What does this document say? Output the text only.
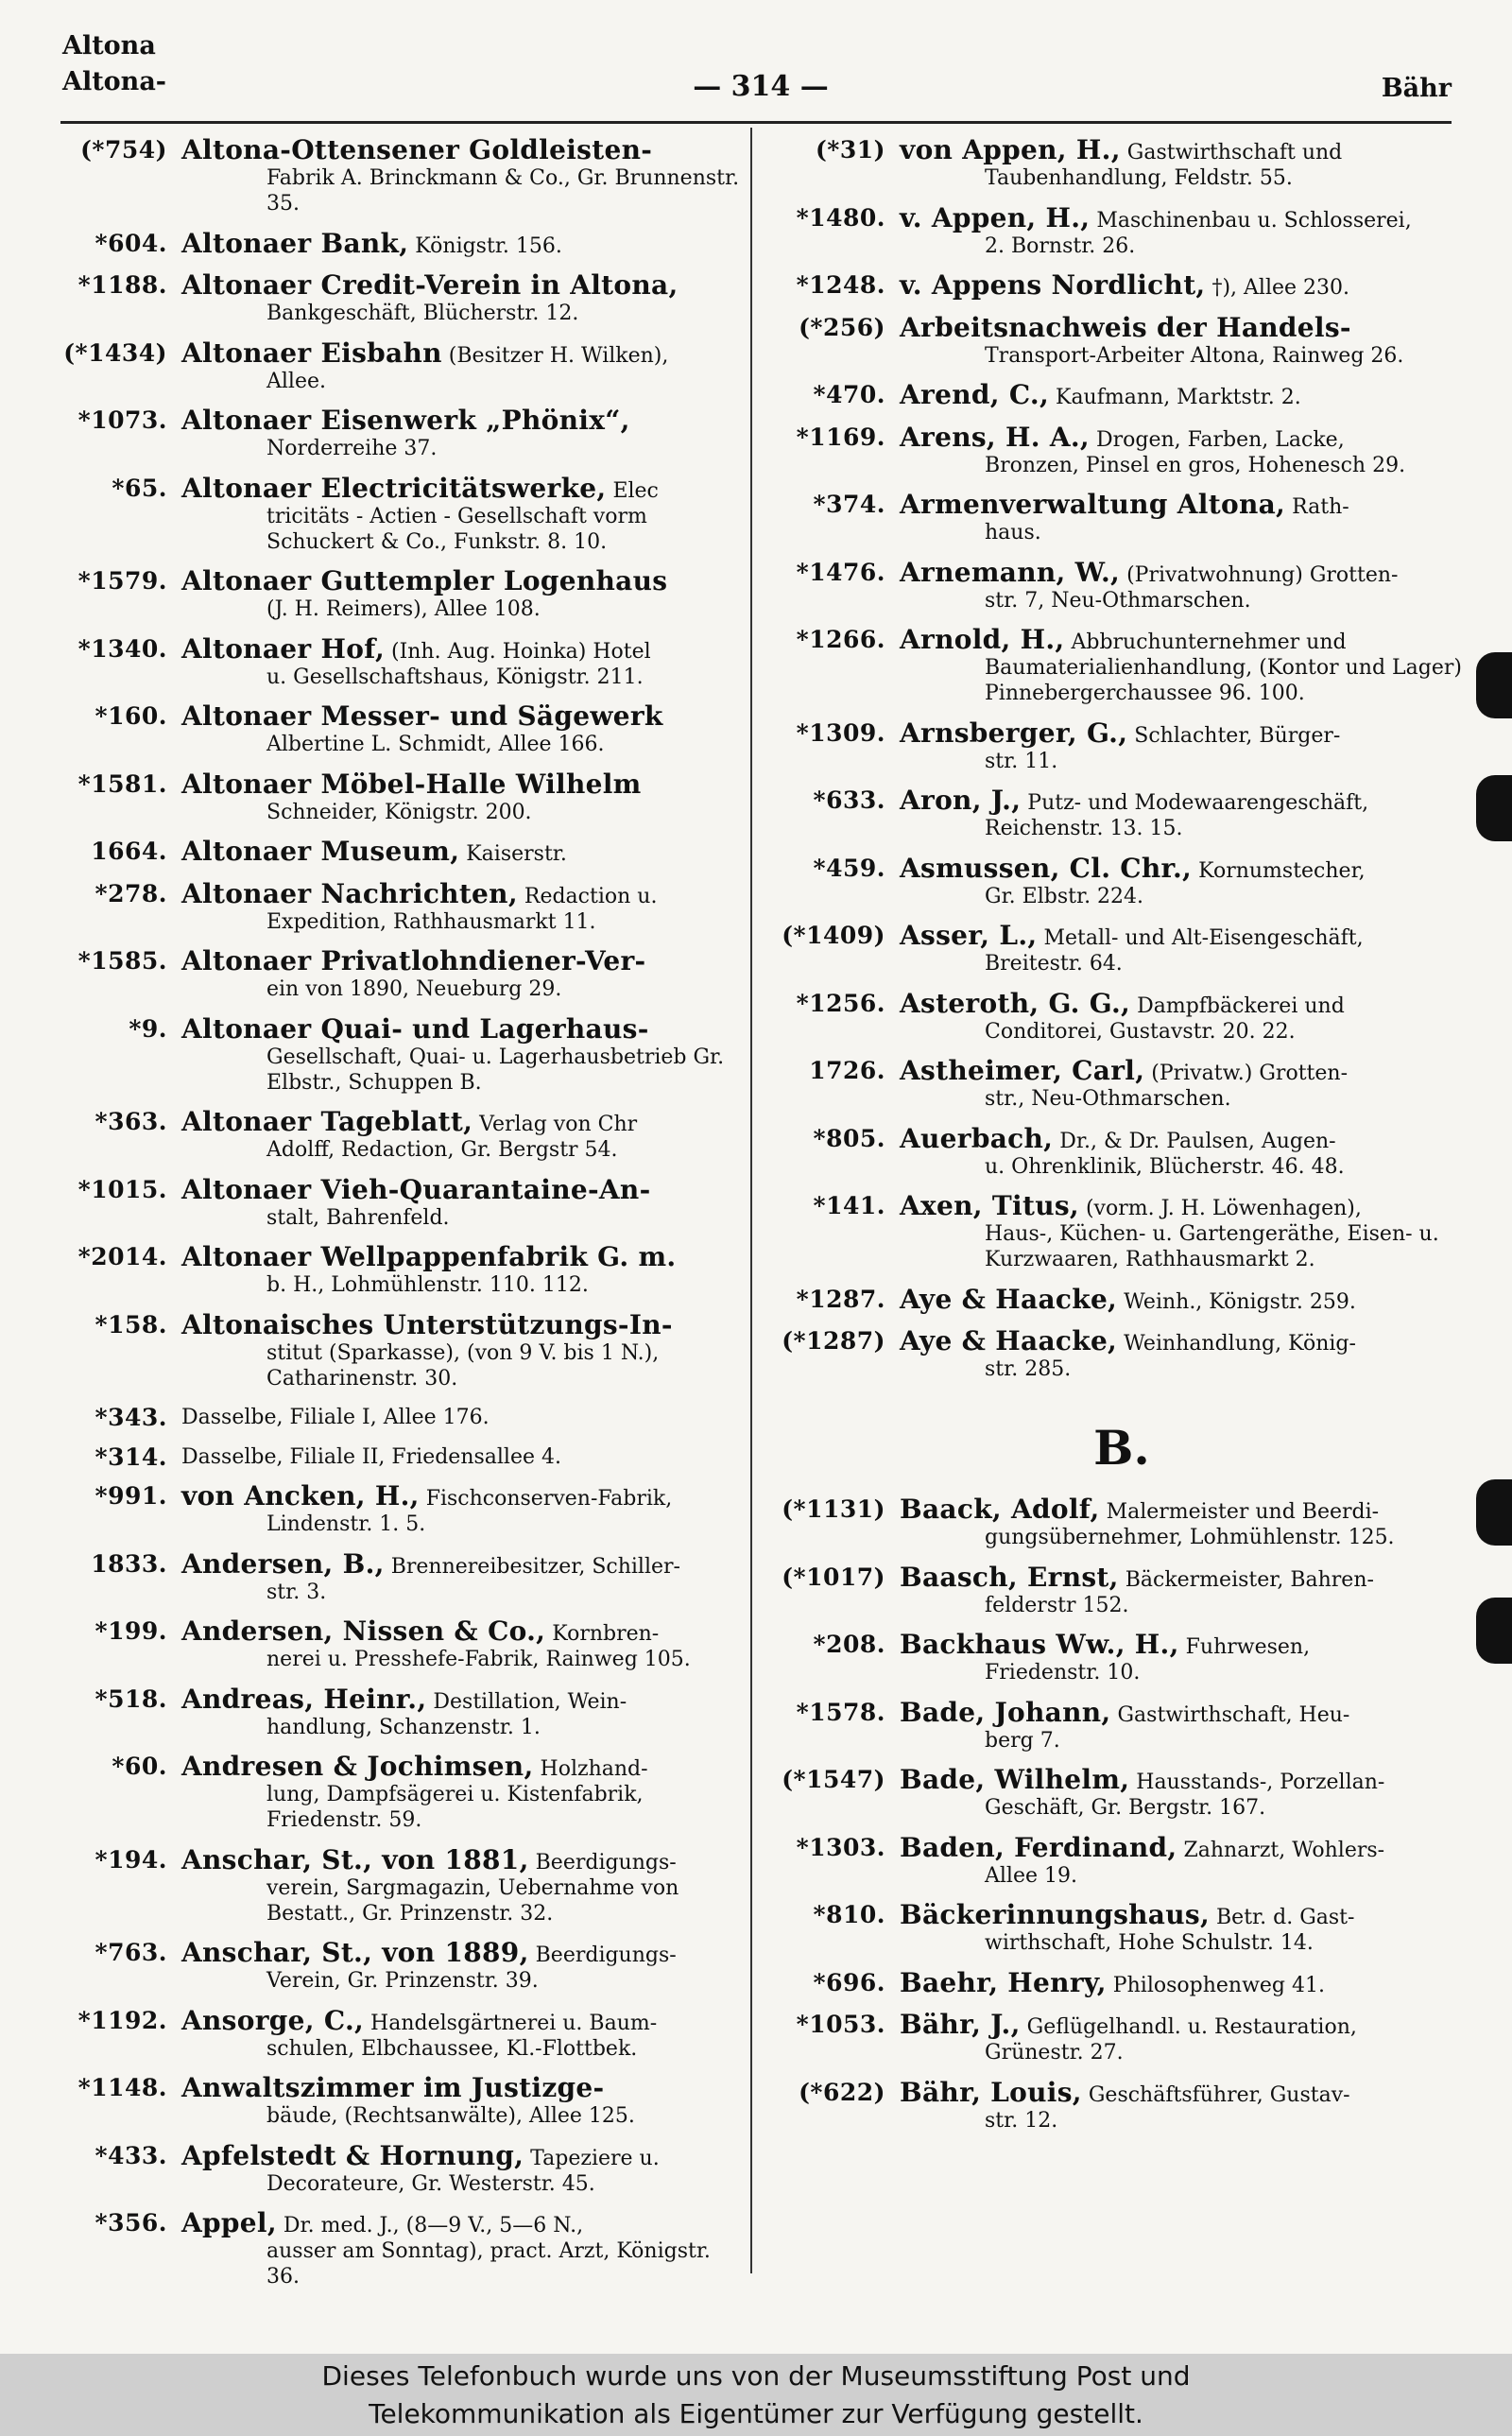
Altona
Altona-	— 314 —	Bähr
(*754) Altona-Ottensener Goldleisten-
Fabrik A. Brinckmann & Co., Gr. Brunnenstr. 35.
*604. Altonaer Bank, Königstr. 156.
*1188. Altonaer Credit-Verein in Altona,
Bankgeschäft, Blücherstr. 12.
(*1434) Altonaer Eisbahn (Besitzer H. Wilken),
Allee.
*1073. Altonaer Eisenwerk „Phönix“,
Norderreihe 37.
*65. Altonaer Electricitätswerke, Elec
tricitäts - Actien - Gesellschaft vorm Schuckert & Co., Funkstr. 8. 10.
*1579. Altonaer Guttempler Logenhaus
(J. H. Reimers), Allee 108.
*1340. Altonaer Hof, (Inh. Aug. Hoinka) Hotel
u. Gesellschaftshaus, Königstr. 211.
*160. Altonaer Messer- und Sägewerk
Albertine L. Schmidt, Allee 166.
*1581. Altonaer Möbel-Halle Wilhelm
Schneider, Königstr. 200.
1664. Altonaer Museum, Kaiserstr.
*278. Altonaer Nachrichten, Redaction u.
Expedition, Rathhausmarkt 11.
*1585. Altonaer Privatlohndiener-Ver-
ein von 1890, Neueburg 29.
*9. Altonaer Quai- und Lagerhaus-
Gesellschaft, Quai- u. Lagerhausbetrieb Gr. Elbstr., Schuppen B.
*363. Altonaer Tageblatt, Verlag von Chr
Adolff, Redaction, Gr. Bergstr 54.
*1015. Altonaer Vieh-Quarantaine-An-
stalt, Bahrenfeld.
*2014. Altonaer Wellpappenfabrik G. m.
b. H., Lohmühlenstr. 110. 112.
*158. Altonaisches Unterstützungs-In-
stitut (Sparkasse), (von 9 V. bis 1 N.), Catharinenstr. 30.
*343. Dasselbe, Filiale I, Allee 176.
*314. Dasselbe, Filiale II, Friedensallee 4.
*991. von Ancken, H., Fischconserven-Fabrik,
Lindenstr. 1. 5.
1833. Andersen, B., Brennereibesitzer, Schiller-
str. 3.
*199. Andersen, Nissen & Co., Kornbren-
nerei u. Presshefe-Fabrik, Rainweg 105.
*518. Andreas, Heinr., Destillation, Wein-
handlung, Schanzenstr. 1.
*60. Andresen & Jochimsen, Holzhand-
lung, Dampfsägerei u. Kistenfabrik, Friedenstr. 59.
*194. Anschar, St., von 1881, Beerdigungs-
verein, Sargmagazin, Uebernahme von Bestatt., Gr. Prinzenstr. 32.
*763. Anschar, St., von 1889, Beerdigungs-
Verein, Gr. Prinzenstr. 39.
*1192. Ansorge, C., Handelsgärtnerei u. Baum-
schulen, Elbchaussee, Kl.-Flottbek.
*1148. Anwaltszimmer im Justizge-
bäude, (Rechtsanwälte), Allee 125.
*433. Apfelstedt & Hornung, Tapeziere u.
Decorateure, Gr. Westerstr. 45.
*356. Appel, Dr. med. J., (8—9 V., 5—6 N.,
ausser am Sonntag), pract. Arzt, Königstr. 36.
(*31) von Appen, H., Gastwirthschaft und
Taubenhandlung, Feldstr. 55.
*1480. v. Appen, H., Maschinenbau u. Schlosserei,
2. Bornstr. 26.
*1248. v. Appens Nordlicht, †), Allee 230.
(*256) Arbeitsnachweis der Handels-
Transport-Arbeiter Altona, Rainweg 26.
*470. Arend, C., Kaufmann, Marktstr. 2.
*1169. Arens, H. A., Drogen, Farben, Lacke,
Bronzen, Pinsel en gros, Hohenesch 29.
*374. Armenverwaltung Altona, Rath-
haus.
*1476. Arnemann, W., (Privatwohnung) Grotten-
str. 7, Neu-Othmarschen.
*1266. Arnold, H., Abbruchunternehmer und
Baumaterialienhandlung, (Kontor und Lager) Pinnebergerchaussee 96. 100.
*1309. Arnsberger, G., Schlachter, Bürger-
str. 11.
*633. Aron, J., Putz- und Modewaarengeschäft,
Reichenstr. 13. 15.
*459. Asmussen, Cl. Chr., Kornumstecher,
Gr. Elbstr. 224.
(*1409) Asser, L., Metall- und Alt-Eisengeschäft,
Breitestr. 64.
*1256. Asteroth, G. G., Dampfbäckerei und
Conditorei, Gustavstr. 20. 22.
1726. Astheimer, Carl, (Privatw.) Grotten-
str., Neu-Othmarschen.
*805. Auerbach, Dr., & Dr. Paulsen, Augen-
u. Ohrenklinik, Blücherstr. 46. 48.
*141. Axen, Titus, (vorm. J. H. Löwenhagen),
Haus-, Küchen- u. Gartengeräthe, Eisen- u. Kurzwaaren, Rathhausmarkt 2.
*1287. Aye & Haacke, Weinh., Königstr. 259.
(*1287) Aye & Haacke, Weinhandlung, König-
str. 285.
B.
(*1131) Baack, Adolf, Malermeister und Beerdi-
gungsübernehmer, Lohmühlenstr. 125.
(*1017) Baasch, Ernst, Bäckermeister, Bahren-
felderstr 152.
*208. Backhaus Ww., H., Fuhrwesen,
Friedenstr. 10.
*1578. Bade, Johann, Gastwirthschaft, Heu-
berg 7.
(*1547) Bade, Wilhelm, Hausstands-, Porzellan-
Geschäft, Gr. Bergstr. 167.
*1303. Baden, Ferdinand, Zahnarzt, Wohlers-
Allee 19.
*810. Bäckerinnungshaus, Betr. d. Gast-
wirthschaft, Hohe Schulstr. 14.
*696. Baehr, Henry, Philosophenweg 41.
*1053. Bähr, J., Geflügelhandl. u. Restauration,
Grünestr. 27.
(*622) Bähr, Louis, Geschäftsführer, Gustav-
str. 12.
Dieses Telefonbuch wurde uns von der Museumsstiftung Post und
Telekommunikation als Eigentümer zur Verfügung gestellt.
